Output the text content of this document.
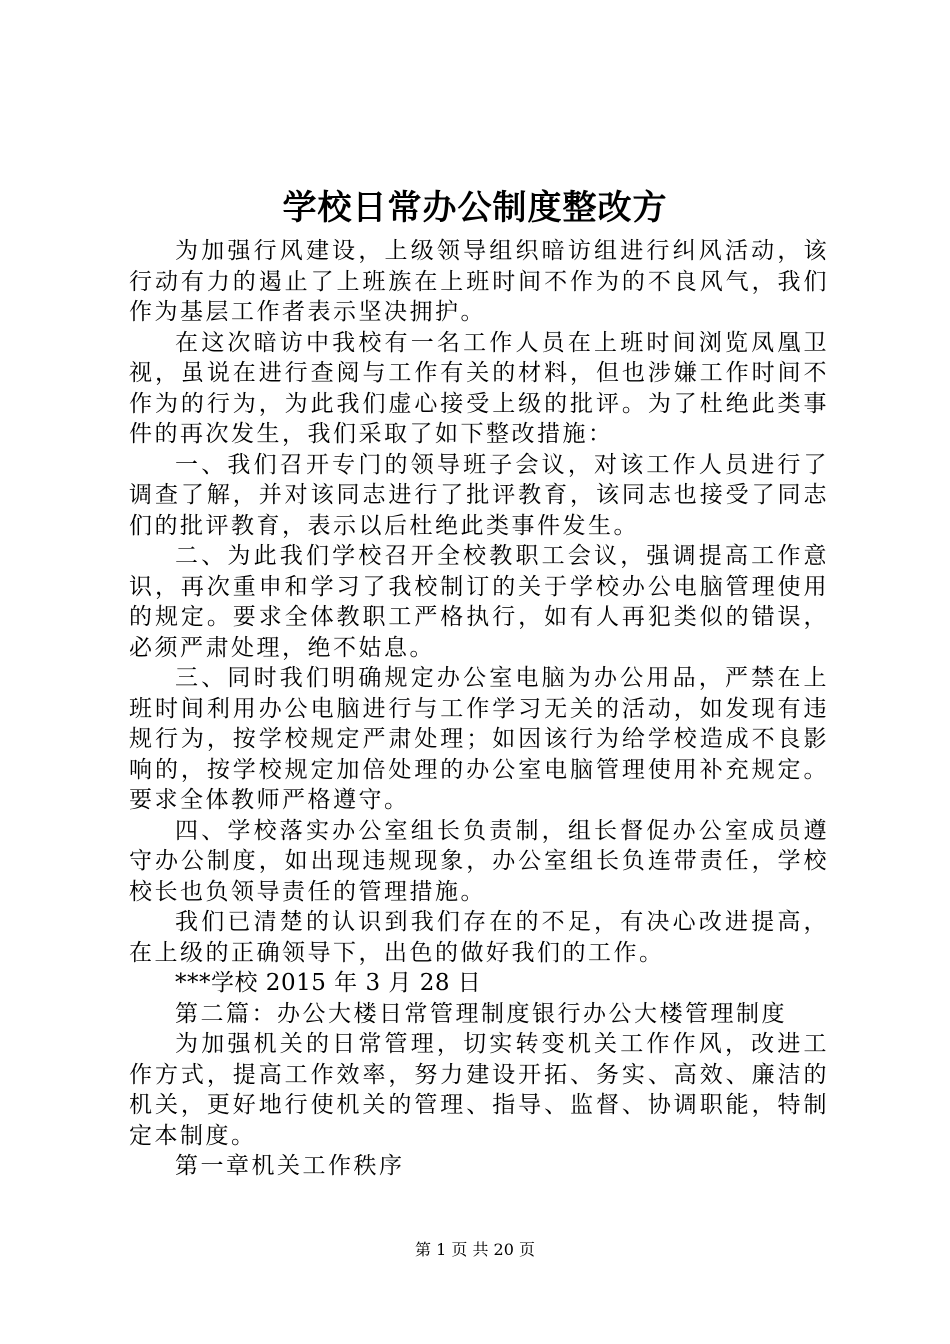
学校日常办公制度整改方

为加强行风建设，上级领导组织暗访组进行纠风活动，该行动有力的遏止了上班族在上班时间不作为的不良风气，我们作为基层工作者表示坚决拥护。

在这次暗访中我校有一名工作人员在上班时间浏览凤凰卫视，虽说在进行查阅与工作有关的材料，但也涉嫌工作时间不作为的行为，为此我们虚心接受上级的批评。为了杜绝此类事件的再次发生，我们采取了如下整改措施：

一、我们召开专门的领导班子会议，对该工作人员进行了调查了解，并对该同志进行了批评教育，该同志也接受了同志们的批评教育，表示以后杜绝此类事件发生。

二、为此我们学校召开全校教职工会议，强调提高工作意识，再次重申和学习了我校制订的关于学校办公电脑管理使用的规定。要求全体教职工严格执行，如有人再犯类似的错误，必须严肃处理，绝不姑息。

三、同时我们明确规定办公室电脑为办公用品，严禁在上班时间利用办公电脑进行与工作学习无关的活动，如发现有违规行为，按学校规定严肃处理；如因该行为给学校造成不良影响的，按学校规定加倍处理的办公室电脑管理使用补充规定。要求全体教师严格遵守。

四、学校落实办公室组长负责制，组长督促办公室成员遵守办公制度，如出现违规现象，办公室组长负连带责任，学校校长也负领导责任的管理措施。

我们已清楚的认识到我们存在的不足，有决心改进提高，在上级的正确领导下，出色的做好我们的工作。

***学校 2015 年 3 月 28 日

第二篇：办公大楼日常管理制度银行办公大楼管理制度

为加强机关的日常管理，切实转变机关工作作风，改进工作方式，提高工作效率，努力建设开拓、务实、高效、廉洁的机关，更好地行使机关的管理、指导、监督、协调职能，特制定本制度。

第一章机关工作秩序

第 1 页 共 20 页
